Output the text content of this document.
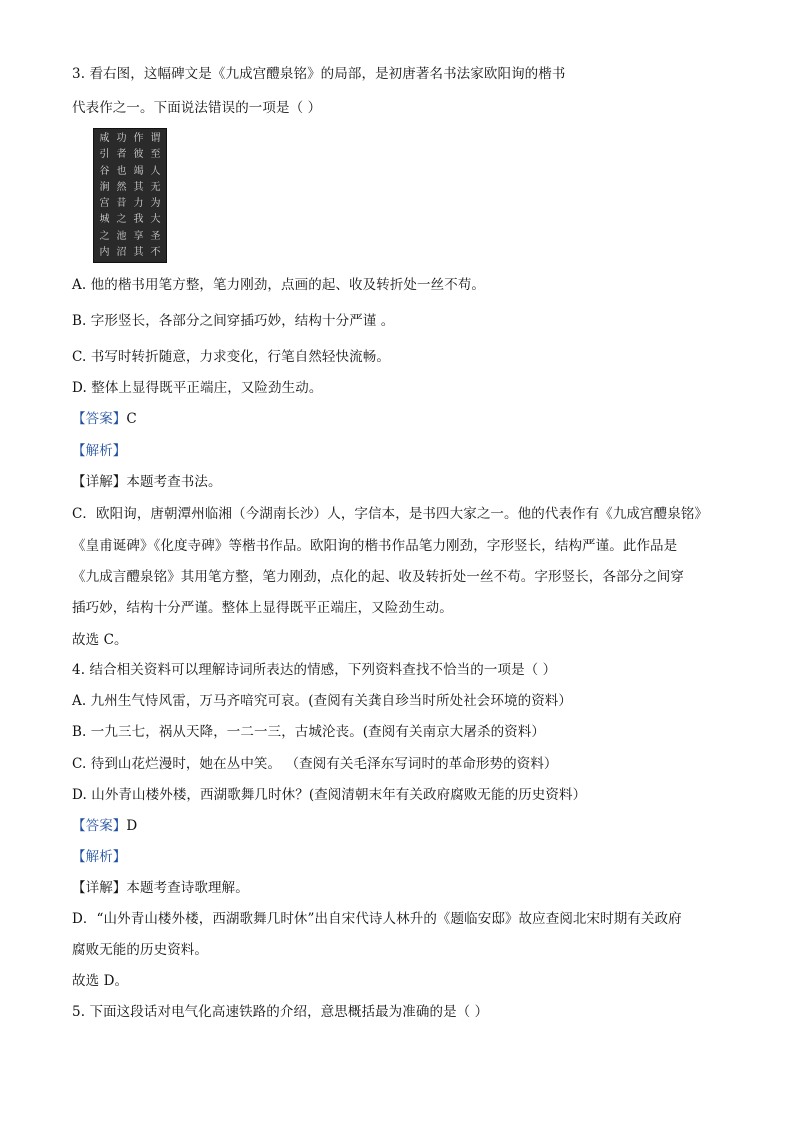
3. 看右图，这幅碑文是《九成宫醴泉铭》的局部，是初唐著名书法家欧阳询的楷书
代表作之一。下面说法错误的一项是（ ）
谓
至
人
无
为
大
圣
不
作
彼
竭
其
力
我
享
其
功
者
也
然
昔
之
池
沼
咸
引
谷
涧
宫
城
之
内
A. 他的楷书用笔方整，笔力刚劲，点画的起、收及转折处一丝不苟。
B. 字形竖长，各部分之间穿插巧妙，结构十分严谨 。
C. 书写时转折随意，力求变化，行笔自然轻快流畅。
D. 整体上显得既平正端庄，又险劲生动。
【答案】C
【解析】
【详解】本题考查书法。
C．欧阳询，唐朝潭州临湘（今湖南长沙）人，字信本，是书四大家之一。他的代表作有《九成宫醴泉铭》
《皇甫诞碑》《化度寺碑》等楷书作品。欧阳询的楷书作品笔力刚劲，字形竖长，结构严谨。此作品是
《九成言醴泉铭》其用笔方整，笔力刚劲，点化的起、收及转折处一丝不苟。字形竖长，各部分之间穿
插巧妙，结构十分严谨。整体上显得既平正端庄，又险劲生动。
故选 C。
4. 结合相关资料可以理解诗词所表达的情感，下列资料查找不恰当的一项是（ ）
A. 九州生气恃风雷，万马齐喑究可哀。(查阅有关龚自珍当时所处社会环境的资料）
B. 一九三七，祸从天降，一二一三，古城沦丧。(查阅有关南京大屠杀的资料）
C. 待到山花烂漫时，她在丛中笑。 （查阅有关毛泽东写词时的革命形势的资料）
D. 山外青山楼外楼，西湖歌舞几时休？(查阅清朝末年有关政府腐败无能的历史资料）
【答案】D
【解析】
【详解】本题考查诗歌理解。
D．“山外青山楼外楼，西湖歌舞几时休”出自宋代诗人林升的《题临安邸》故应查阅北宋时期有关政府
腐败无能的历史资料。
故选 D。
5. 下面这段话对电气化高速铁路的介绍，意思概括最为准确的是（ ）
